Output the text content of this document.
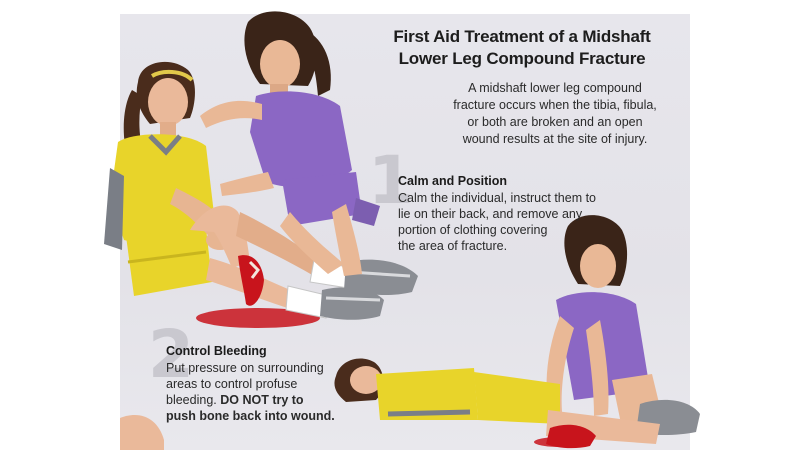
First Aid Treatment of a Midshaft
Lower Leg Compound Fracture
A midshaft lower leg compound
fracture occurs when the tibia, fibula,
or both are broken and an open
wound results at the site of injury.
1
Calm and Position
Calm the individual, instruct them to
lie on their back, and remove any
portion of clothing covering
the area of fracture.
2
Control Bleeding
Put pressure on surrounding
areas to control profuse
bleeding. DO NOT try to
push bone back into wound.
